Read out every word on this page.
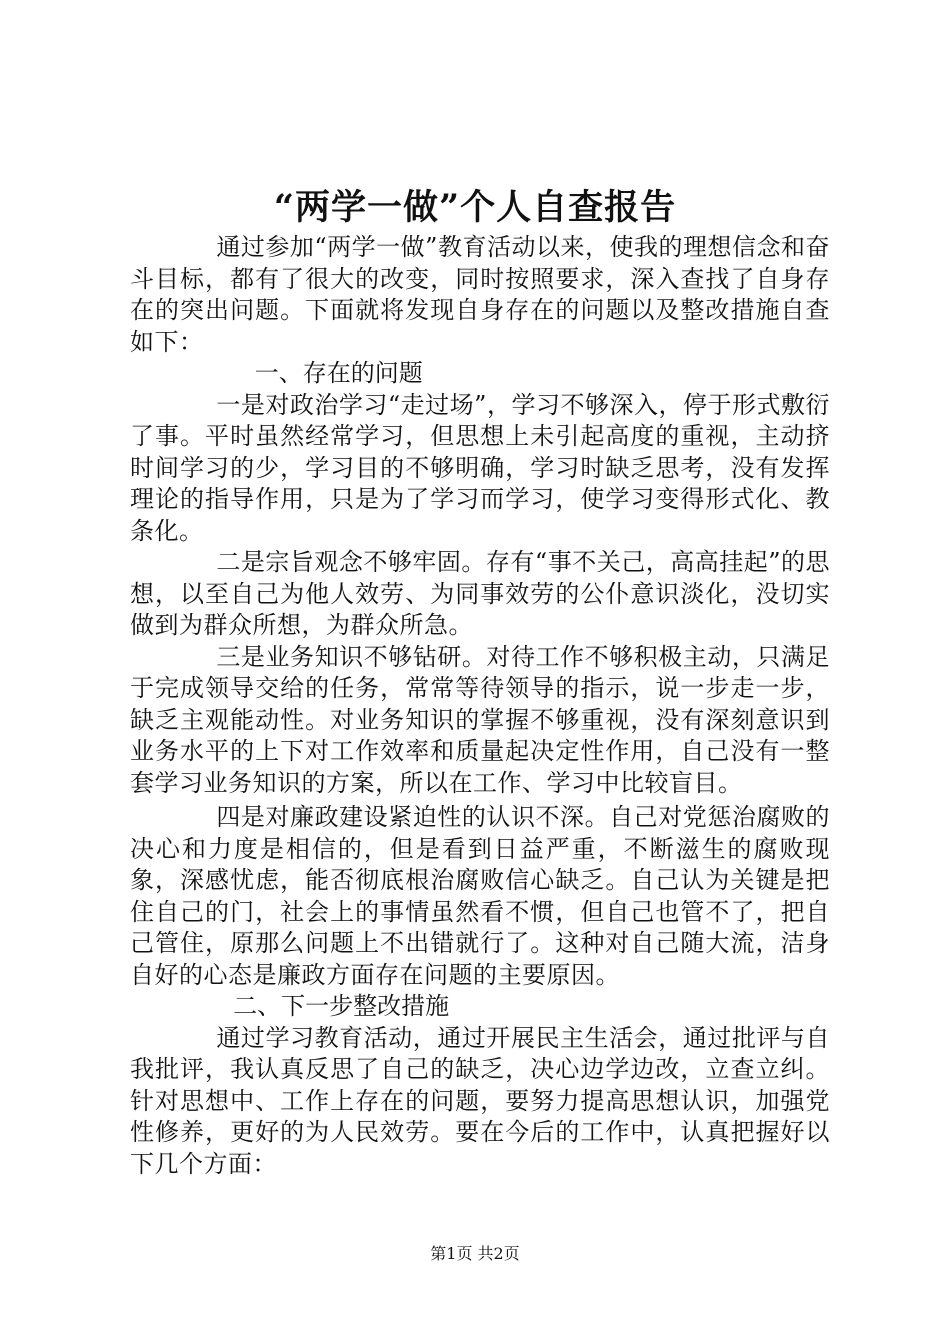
“两学一做”个人自查报告

通过参加“两学一做”教育活动以来，使我的理想信念和奋斗目标，都有了很大的改变，同时按照要求，深入查找了自身存在的突出问题。下面就将发现自身存在的问题以及整改措施自查如下：

一、存在的问题

一是对政治学习“走过场”，学习不够深入，停于形式敷衍了事。平时虽然经常学习，但思想上未引起高度的重视，主动挤时间学习的少，学习目的不够明确，学习时缺乏思考，没有发挥理论的指导作用，只是为了学习而学习，使学习变得形式化、教条化。

二是宗旨观念不够牢固。存有“事不关己，高高挂起”的思想，以至自己为他人效劳、为同事效劳的公仆意识淡化，没切实做到为群众所想，为群众所急。

三是业务知识不够钻研。对待工作不够积极主动，只满足于完成领导交给的任务，常常等待领导的指示，说一步走一步，缺乏主观能动性。对业务知识的掌握不够重视，没有深刻意识到业务水平的上下对工作效率和质量起决定性作用，自己没有一整套学习业务知识的方案，所以在工作、学习中比较盲目。

四是对廉政建设紧迫性的认识不深。自己对党惩治腐败的决心和力度是相信的，但是看到日益严重，不断滋生的腐败现象，深感忧虑，能否彻底根治腐败信心缺乏。自己认为关键是把住自己的门，社会上的事情虽然看不惯，但自己也管不了，把自己管住，原那么问题上不出错就行了。这种对自己随大流，洁身自好的心态是廉政方面存在问题的主要原因。

二、下一步整改措施

通过学习教育活动，通过开展民主生活会，通过批评与自我批评，我认真反思了自己的缺乏，决心边学边改，立查立纠。针对思想中、工作上存在的问题，要努力提高思想认识，加强党性修养，更好的为人民效劳。要在今后的工作中，认真把握好以下几个方面：

第1页 共2页
